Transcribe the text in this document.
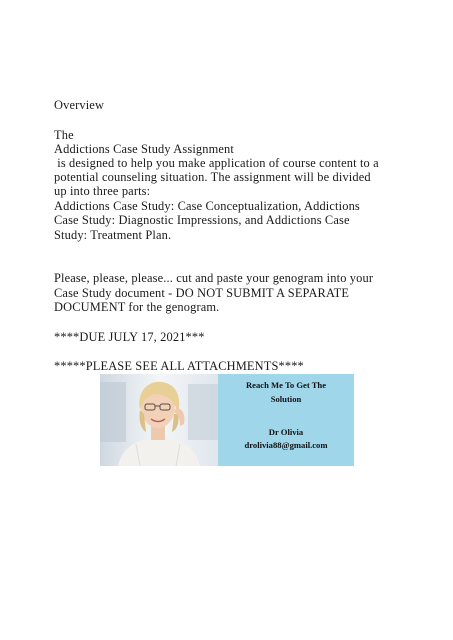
Overview
The
Addictions Case Study Assignment
is designed to help you make application of course content to a
potential counseling situation. The assignment will be divided
up into three parts:
Addictions Case Study: Case Conceptualization, Addictions
Case Study: Diagnostic Impressions, and Addictions Case
Study: Treatment Plan.
Please, please, please... cut and paste your genogram into your
Case Study document - DO NOT SUBMIT A SEPARATE
DOCUMENT for the genogram.
****DUE JULY 17, 2021***
*****PLEASE SEE ALL ATTACHMENTS****
Reach Me To Get The
Solution
Dr Olivia
drolivia88@gmail.com
